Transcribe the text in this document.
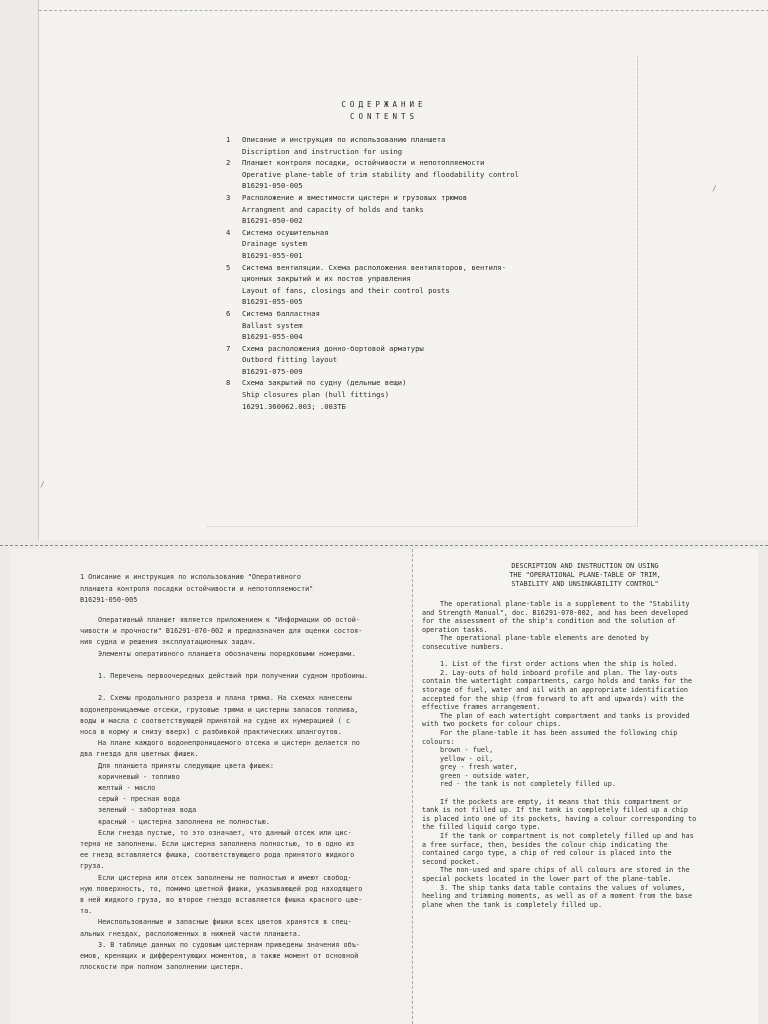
СОДЕРЖАНИЕ
CONTENTS
1 Описание и инструкция по использованию планшета
Discription and instruction for using
2 Планшет контроля посадки, остойчивости и непотопляемости
Operative plane-table of trim stability and floodability control
B16291-050-005
3 Расположение и вместимости цистерн и грузовых трюмов
Arrangment and capacity of holds and tanks
B16291-050-002
4 Система осушительная
Drainage system
B16291-055-001
5 Система вентиляции. Схема расположения вентиляторов, вентиля-
ционных закрытий и их постов управления
Layout of fans, closings and their control posts
B16291-055-005
6 Система балластная
Ballast system
B16291-055-004
7 Схема расположения донно-бортовой арматуры
Outbord fitting layout
B16291-075-009
8 Схема закрытий по судну (дельные вещи)
Ship closures plan (hull fittings)
16291.360062.003; .003ТБ
/
/
1 Описание и инструкция по использованию "Оперативного
планшета контроля посадки остойчивости и непотопляемости"
B16291-050-005
Оперативный планшет является приложением к "Информации об остой-
чивости и прочности" B16291-070-002 и предназначен для оценки состоя-
ния судна и решения эксплуатационных задач.
Элементы оперативного планшета обозначены порядковыми номерами.

1. Перечень первоочередных действий при получении судном пробоины.

2. Схемы продольного разреза и плана трюма. На схемах нанесены
водонепроницаемые отсеки, грузовые трюма и цистерны запасов топлива,
воды и масла с соответствующей принятой на судне их нумерацией ( с
носа в корму и снизу вверх) с разбивкой практических шпангоутов.
На плане каждого водонепроницаемого отсека и цистерн делается по
два гнезда для цветных фишек.
Для планшета приняты следующие цвета фишек:
коричневый - топливо
желтый - масло
серый - пресная вода
зеленый - забортная вода
красный - цистерна заполнена не полностью.
Если гнезда пустые, то это означает, что данный отсек или цис-
терна не заполнены. Если цистерна заполнена полностью, то в одно из
ее гнезд вставляется фишка, соответствующего рода принятого жидкого
груза.
Если цистерна или отсек заполнены не полностью и имеют свобод-
ную поверхность, то, помимо цветной фишки, указывающей род находящего
в ней жидкого груза, во второе гнездо вставляется фишка красного цве-
та.
Неиспользованные и запасные фишки всех цветов хранятся в спец-
альных гнездах, расположенных в нижней части планшета.
3. В таблице данных по судовым цистернам приведены значения объ-
емов, кренящих и дифферентующих моментов, а также момент от основной
плоскости при полном заполнении цистерн.
DESCRIPTION AND INSTRUCTION ON USING
THE "OPERATIONAL PLANE-TABLE OF TRIM,
STABILITY AND UNSINKABILITY CONTROL"
The operational plane-table is a supplement to the "Stability
and Strength Manual", doc. B16291-070-002, and has been developed
for the assessment of the ship's condition and the solution of
operation tasks.
The operational plane-table elements are denoted by
consecutive numbers.

1. List of the first order actions when the ship is holed.
2. Lay-outs of hold inboard profile and plan. The lay-outs
contain the watertight compartments, cargo holds and tanks for the
storage of fuel, water and oil with an appropriate identification
accepted for the ship (from forward to aft and upwards) with the
effective frames arrangement.
The plan of each watertight compartment and tanks is provided
with two pockets for colour chips.
For the plane-table it has been assumed the following chip
colours:
brown - fuel,
yellow - oil,
grey - fresh water,
green - outside water,
red - the tank is not completely filled up.

If the pockets are empty, it means that this compartment or
tank is not filled up. If the tank is completely filled up a chip
is placed into one of its pockets, having a colour corresponding to
the filled liquid cargo type.
If the tank or compartment is not completely filled up and has
a free surface, then, besides the colour chip indicating the
contained cargo type, a chip of red colour is placed into the
second pocket.
The non-used and spare chips of all colours are stored in the
special pockets located in the lower part of the plane-table.
3. The ship tanks data table contains the values of volumes,
heeling and trimming moments, as well as of a moment from the base
plane when the tank is completely filled up.
